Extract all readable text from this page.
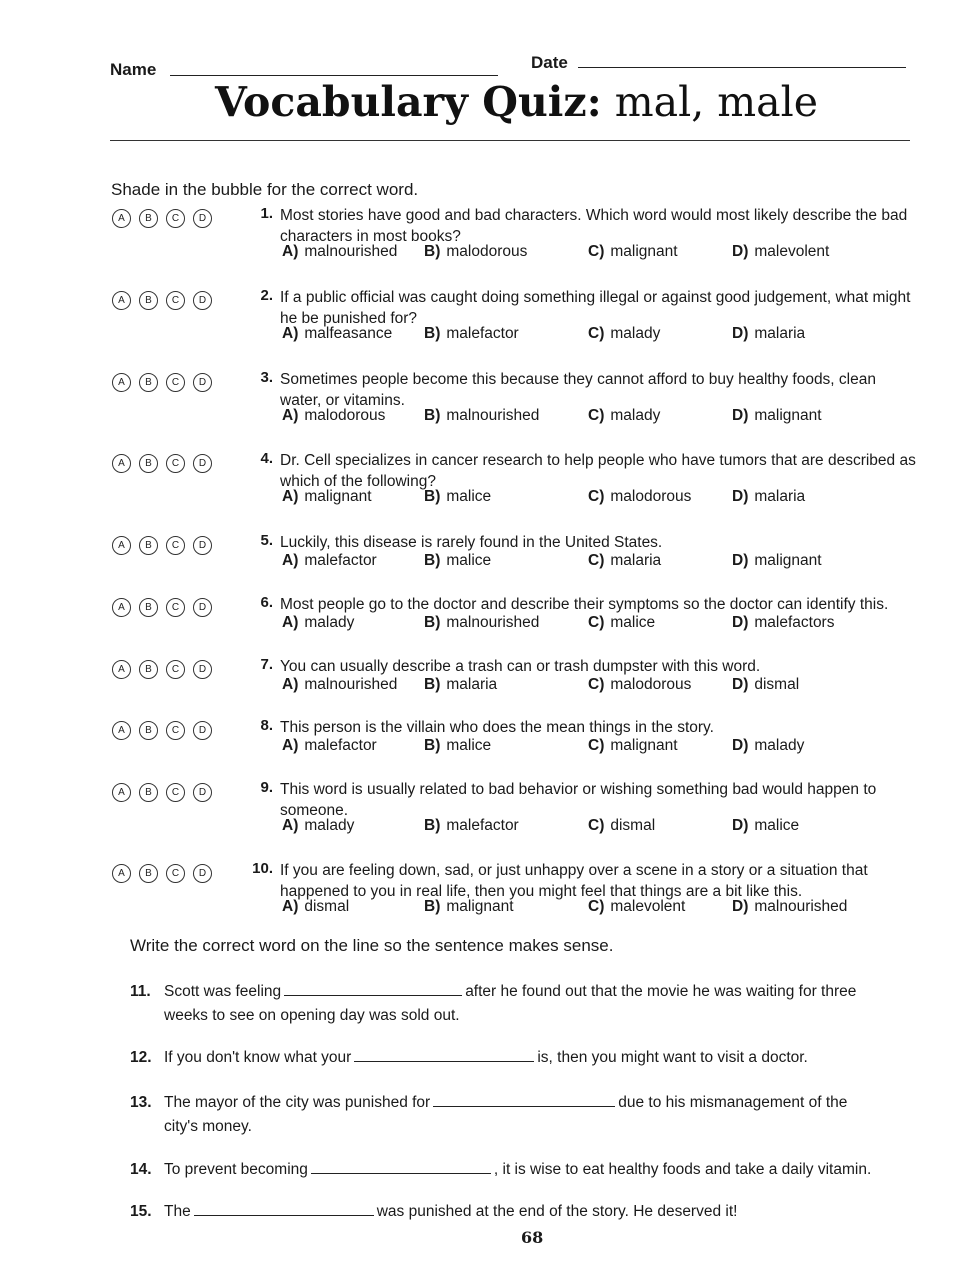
Name	Date
Vocabulary Quiz: mal, male
Shade in the bubble for the correct word.
A	B	C	D	1. Most stories have good and bad characters. Which word would most likely describe the bad characters in most books?
A) malnourished B) malodorous	C) malignant	D) malevolent
A	B	C	D	2. If a public official was caught doing something illegal or against good judgement, what might he be punished for?
A) malfeasance B) malefactor	C) malady	D) malaria
A	B	C	D	3. Sometimes people become this because they cannot afford to buy healthy foods, clean water, or vitamins.
A) malodorous B) malnourished	C) malady	D) malignant
A	B	C	D	4. Dr. Cell specializes in cancer research to help people who have tumors that are described as which of the following?
A) malignant	B) malice	C) malodorous	D) malaria
A	B	C	D	5. Luckily, this disease is rarely found in the United States.
A) malefactor	B) malice	C) malaria	D) malignant
A	B	C	D	6. Most people go to the doctor and describe their symptoms so the doctor can identify this.
A) malady	B) malnourished	C) malice	D) malefactors
A	B	C	D	7. You can usually describe a trash can or trash dumpster with this word.
A) malnourished B) malaria	C) malodorous	D) dismal
A	B	C	D	8. This person is the villain who does the mean things in the story.
A) malefactor	B) malice	C) malignant	D) malady
A	B	C	D	9. This word is usually related to bad behavior or wishing something bad would happen to someone.
A) malady	B) malefactor	C) dismal	D) malice
A	B	C	D	10. If you are feeling down, sad, or just unhappy over a scene in a story or a situation that happened to you in real life, then you might feel that things are a bit like this.
A) dismal	B) malignant	C) malevolent	D) malnourished
Write the correct word on the line so the sentence makes sense.
11. Scott was feeling	after he found out that the movie he was waiting for three
weeks to see on opening day was sold out.
12. If you don't know what your	is, then you might want to visit a doctor.
13. The mayor of the city was punished for	due to his mismanagement of the
city's money.
14. To prevent becoming	, it is wise to eat healthy foods and take a daily vitamin.
15. The	was punished at the end of the story. He deserved it!
68
